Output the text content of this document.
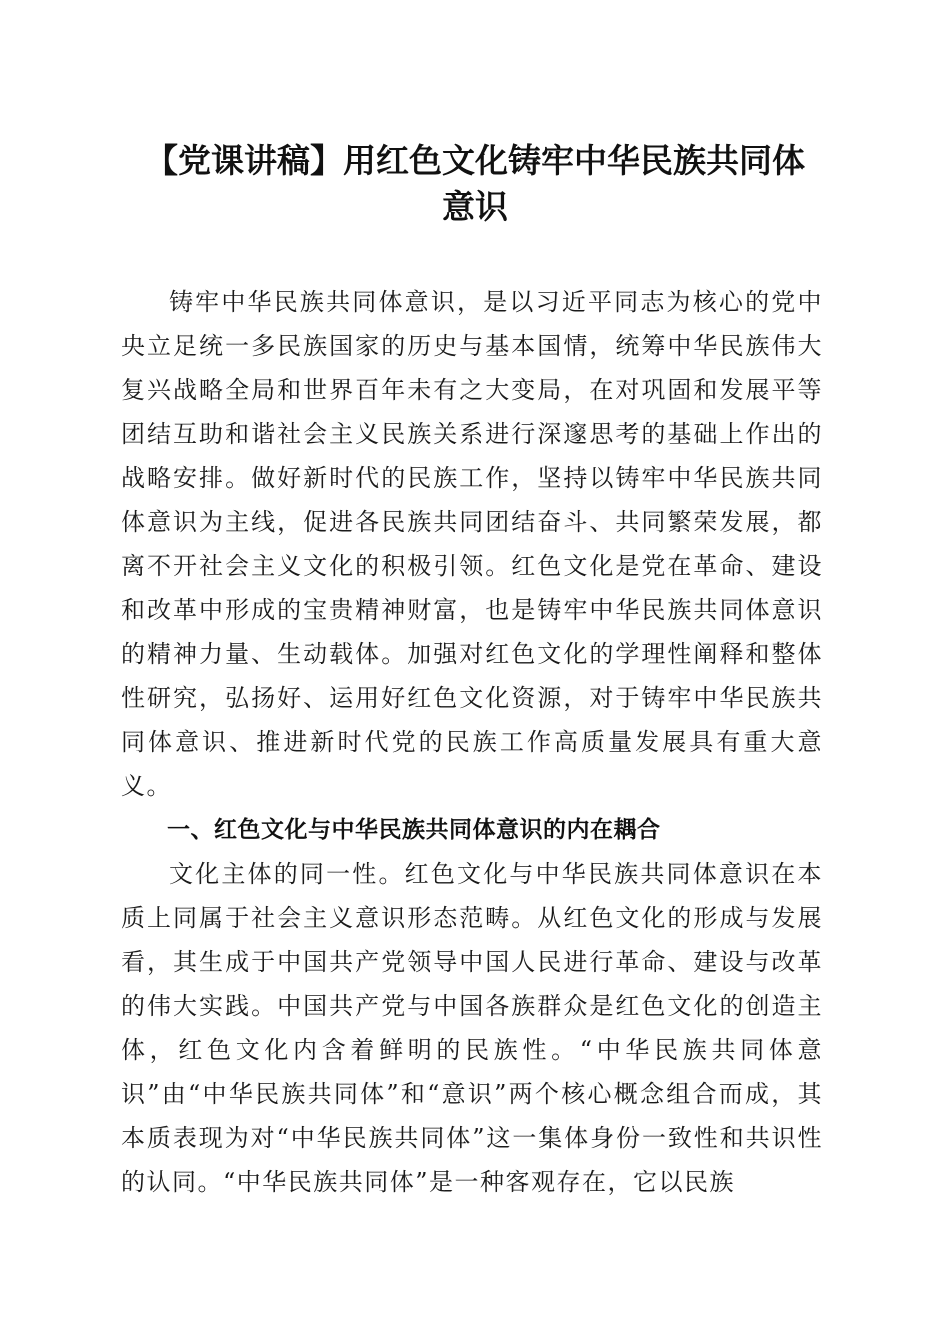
【党课讲稿】用红色文化铸牢中华民族共同体
意识

铸牢中华民族共同体意识，是以习近平同志为核心的党中央立足统一多民族国家的历史与基本国情，统筹中华民族伟大复兴战略全局和世界百年未有之大变局，在对巩固和发展平等团结互助和谐社会主义民族关系进行深邃思考的基础上作出的战略安排。做好新时代的民族工作，坚持以铸牢中华民族共同体意识为主线，促进各民族共同团结奋斗、共同繁荣发展，都离不开社会主义文化的积极引领。红色文化是党在革命、建设和改革中形成的宝贵精神财富，也是铸牢中华民族共同体意识的精神力量、生动载体。加强对红色文化的学理性阐释和整体性研究，弘扬好、运用好红色文化资源，对于铸牢中华民族共同体意识、推进新时代党的民族工作高质量发展具有重大意义。

一、红色文化与中华民族共同体意识的内在耦合

文化主体的同一性。红色文化与中华民族共同体意识在本质上同属于社会主义意识形态范畴。从红色文化的形成与发展看，其生成于中国共产党领导中国人民进行革命、建设与改革的伟大实践。中国共产党与中国各族群众是红色文化的创造主体，红色文化内含着鲜明的民族性。“中华民族共同体意识”由“中华民族共同体”和“意识”两个核心概念组合而成，其本质表现为对“中华民族共同体”这一集体身份一致性和共识性的认同。“中华民族共同体”是一种客观存在，它以民族
